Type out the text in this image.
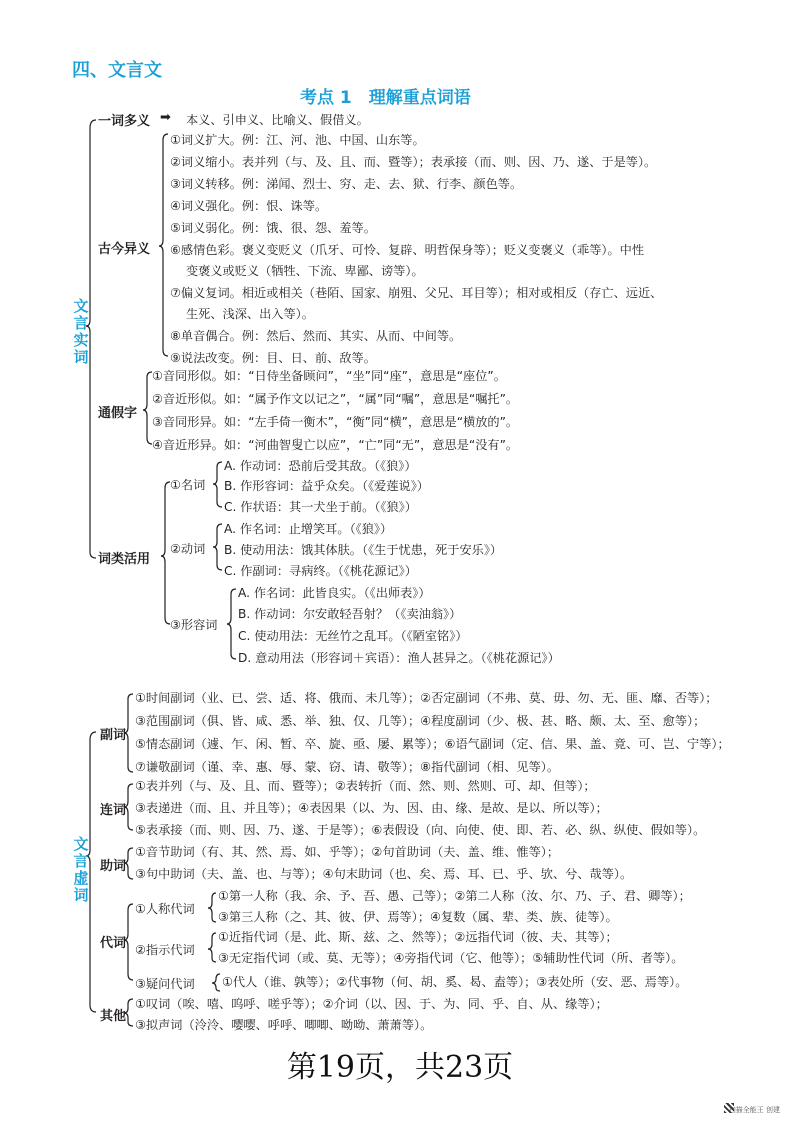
四、文言文
考点 1　理解重点词语
文言实词
一词多义 ➡ 本义、引申义、比喻义、假借义。
古今异义
①词义扩大。例：江、河、池、中国、山东等。
②词义缩小。表并列（与、及、且、而、暨等）；表承接（而、则、因、乃、遂、于是等）。
③词义转移。例：涕闻、烈士、穷、走、去、狱、行李、颜色等。
④词义强化。例：恨、诛等。
⑤词义弱化。例：饿、很、怨、羞等。
⑥感情色彩。褒义变贬义（爪牙、可怜、复辟、明哲保身等）；贬义变褒义（乖等）。中性
变褒义或贬义（牺牲、下流、卑鄙、谤等）。
⑦偏义复词。相近或相关（巷陌、国家、崩殂、父兄、耳目等）；相对或相反（存亡、远近、
生死、浅深、出入等）。
⑧单音偶合。例：然后、然而、其实、从而、中间等。
⑨说法改变。例：目、日、前、敌等。
通假字
①音同形似。如：“日侍坐备顾问”，“坐”同“座”，意思是“座位”。
②音近形似。如：“属予作文以记之”，“属”同“嘱”，意思是“嘱托”。
③音同形异。如：“左手倚一衡木”，“衡”同“横”，意思是“横放的”。
④音近形异。如：“河曲智叟亡以应”，“亡”同“无”，意思是“没有”。
词类活用
①名词
A. 作动词：恐前后受其敌。（《狼》）
B. 作形容词：益乎众矣。（《爱莲说》）
C. 作状语：其一犬坐于前。（《狼》）
②动词
A. 作名词：止增笑耳。（《狼》）
B. 使动用法：饿其体肤。（《生于忧患，死于安乐》）
C. 作副词：寻病终。（《桃花源记》）
③形容词
A. 作名词：此皆良实。（《出师表》）
B. 作动词：尔安敢轻吾射？（《卖油翁》）
C. 使动用法：无丝竹之乱耳。（《陋室铭》）
D. 意动用法（形容词＋宾语）：渔人甚异之。（《桃花源记》）
文言虚词
副词
①时间副词（业、已、尝、适、将、俄而、未几等）；②否定副词（不弗、莫、毋、勿、无、匪、靡、否等）；
③范围副词（俱、皆、咸、悉、举、独、仅、几等）；④程度副词（少、极、甚、略、颇、太、至、愈等）；
⑤情态副词（遽、乍、闲、暂、卒、旋、亟、屡、累等）；⑥语气副词（定、信、果、盖、竟、可、岂、宁等）；
⑦谦敬副词（谨、幸、惠、辱、蒙、窃、请、敬等）；⑧指代副词（相、见等）。
连词
①表并列（与、及、且、而、暨等）；②表转折（而、然、则、然则、可、却、但等）；
③表递进（而、且、并且等）；④表因果（以、为、因、由、缘、是故、是以、所以等）；
⑤表承接（而、则、因、乃、遂、于是等）；⑥表假设（向、向使、使、即、若、必、纵、纵使、假如等）。
助词
①音节助词（有、其、然、焉、如、乎等）；②句首助词（夫、盖、维、惟等）；
③句中助词（夫、盖、也、与等）；④句末助词（也、矣、焉、耳、已、乎、欤、兮、哉等）。
代词
①人称代词
①第一人称（我、余、予、吾、愚、己等）；②第二人称（汝、尔、乃、子、君、卿等）；
③第三人称（之、其、彼、伊、焉等）；④复数（属、辈、类、族、徒等）。
②指示代词
①近指代词（是、此、斯、兹、之、然等）；②远指代词（彼、夫、其等）；
③无定指代词（或、莫、无等）；④旁指代词（它、他等）；⑤辅助性代词（所、者等）。
③疑问代词 ①代人（谁、孰等）；②代事物（何、胡、奚、曷、盍等）；③表处所（安、恶、焉等）。
其他
①叹词（唉、嘻、呜呼、嗟乎等）；②介词（以、因、于、为、同、乎、自、从、缘等）；
③拟声词（泠泠、嘤嘤、呼呼、唧唧、呦呦、萧萧等）。
第19页，共23页
扫描全能王 创建
